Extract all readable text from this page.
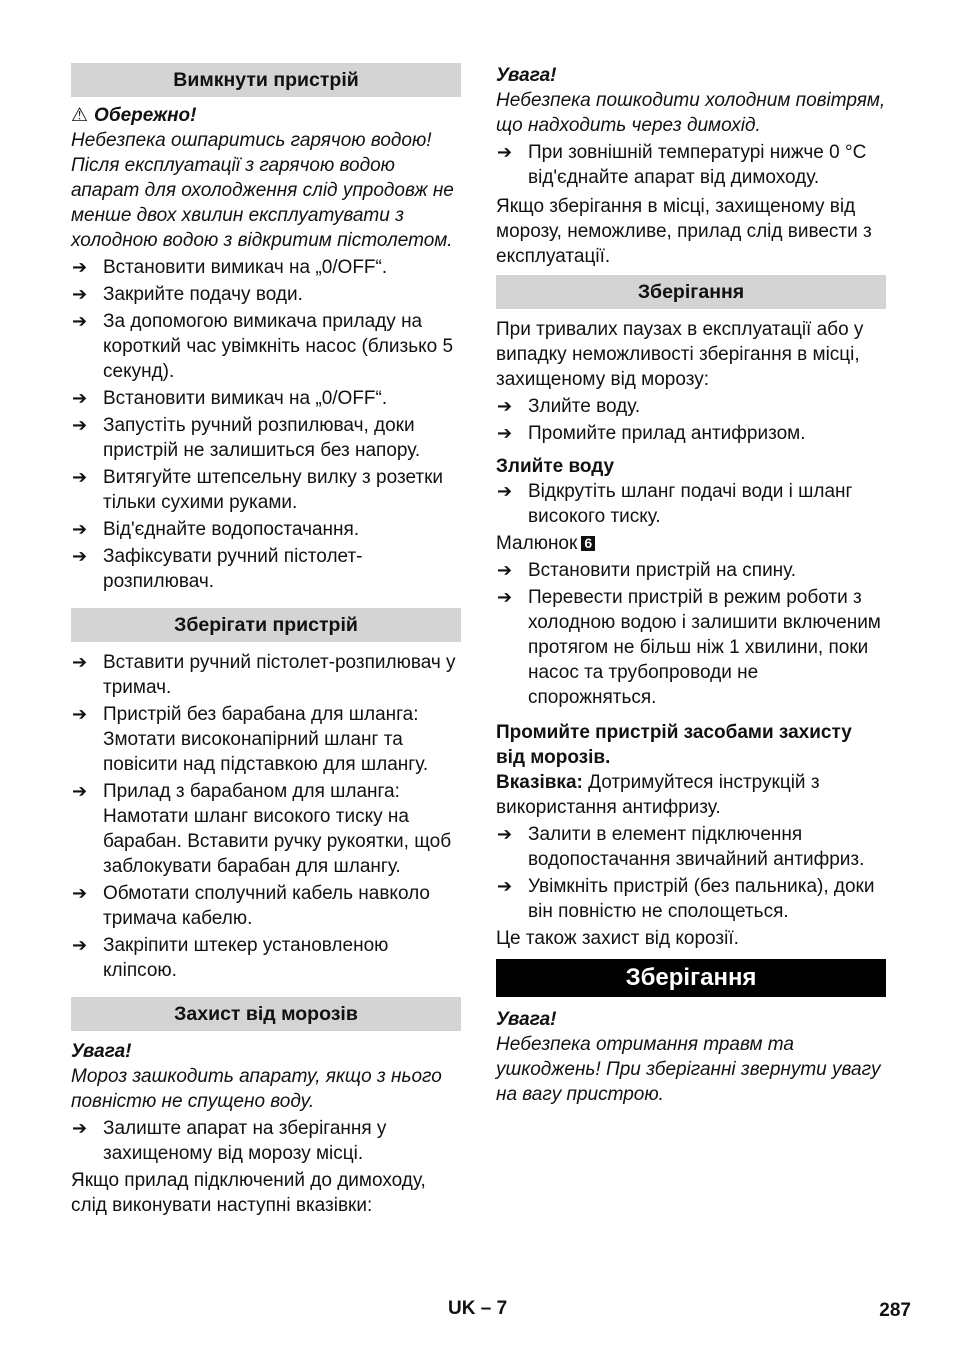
Вимкнути пристрій
⚠ Обережно!
Небезпека ошпаритись гарячою водою! Після експлуатації з гарячою водою апарат для охолодження слід упродовж не менше двох хвилин експлуатувати з холодною водою з відкритим пістолетом.
➔ Встановити вимикач на „0/OFF“.
➔ Закрийте подачу води.
➔ За допомогою вимикача приладу на короткий час увімкніть насос (близько 5 секунд).
➔ Встановити вимикач на „0/OFF“.
➔ Запустіть ручний розпилювач, доки пристрій не залишиться без напору.
➔ Витягуйте штепсельну вилку з розетки тільки сухими руками.
➔ Від'єднайте водопостачання.
➔ Зафіксувати ручний пістолет-розпилювач.
Зберігати пристрій
➔ Вставити ручний пістолет-розпилювач у тримач.
➔ Пристрій без барабана для шланга:
Змотати високонапірний шланг та повісити над підставкою для шлангу.
➔ Прилад з барабаном для шланга:
Намотати шланг високого тиску на барабан. Вставити ручку рукоятки, щоб заблокувати барабан для шлангу.
➔ Обмотати сполучний кабель навколо тримача кабелю.
➔ Закріпити штекер установленою кліпсою.
Захист від морозів
Увага!
Мороз зашкодить апарату, якщо з нього повністю не спущено воду.
➔ Залиште апарат на зберігання у захищеному від морозу місці.
Якщо прилад підключений до димоходу, слід виконувати наступні вказівки:
Увага!
Небезпека пошкодити холодним повітрям, що надходить через димохід.
➔ При зовнішній температурі нижче 0 °C від'єднайте апарат від димоходу.
Якщо зберігання в місці, захищеному від морозу, неможливе, прилад слід вивести з експлуатації.
Зберігання
При тривалих паузах в експлуатації або у випадку неможливості зберігання в місці, захищеному від морозу:
➔ Злийте воду.
➔ Промийте прилад антифризом.
Злийте воду
➔ Відкрутіть шланг подачі води і шланг високого тиску.
Малюнок 6
➔ Встановити пристрій на спину.
➔ Перевести пристрій в режим роботи з холодною водою і залишити включеним протягом не більш ніж 1 хвилини, поки насос та трубопроводи не спорожняться.
Промийте пристрій засобами захисту від морозів.
Вказівка: Дотримуйтеся інструкцій з використання антифризу.
➔ Залити в елемент підключення водопостачання звичайний антифриз.
➔ Увімкніть пристрій (без пальника), доки він повністю не сполощеться.
Це також захист від корозії.
Зберігання
Увага!
Небезпека отримання травм та ушкоджень! При зберіганні звернути увагу на вагу пристрою.
UK – 7	287
